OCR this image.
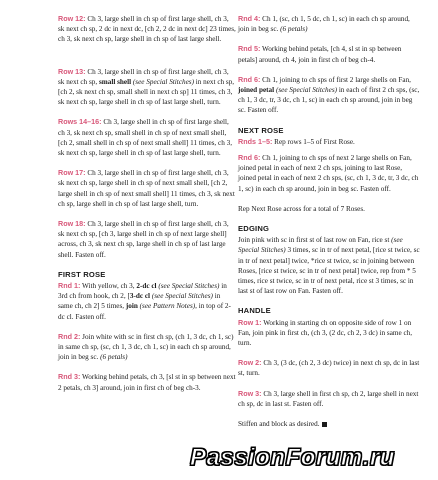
Row 12: Ch 3, large shell in ch sp of first large shell, ch 3, sk next ch sp, 2 dc in next dc, [ch 2, 2 dc in next dc] 23 times, ch 3, sk next ch sp, large shell in ch sp of last large shell.

Row 13: Ch 3, large shell in ch sp of first large shell, ch 3, sk next ch sp, small shell (see Special Stitches) in next ch sp, [ch 2, sk next ch sp, small shell in next ch sp] 11 times, ch 3, sk next ch sp, large shell in ch sp of last large shell, turn.

Rows 14–16: Ch 3, large shell in ch sp of first large shell, ch 3, sk next ch sp, small shell in ch sp of next small shell, [ch 2, small shell in ch sp of next small shell] 11 times, ch 3, sk next ch sp, large shell in ch sp of last large shell, turn.

Row 17: Ch 3, large shell in ch sp of first large shell, ch 3, sk next ch sp, large shell in ch sp of next small shell, [ch 2, large shell in ch sp of next small shell] 11 times, ch 3, sk next ch sp, large shell in ch sp of last large shell, turn.

Row 18: Ch 3, large shell in ch sp of first large shell, ch 3, sk next ch sp, [ch 3, large shell in ch sp of next large shell] across, ch 3, sk next ch sp, large shell in ch sp of last large shell. Fasten off.

FIRST ROSE

Rnd 1: With yellow, ch 3, 2-dc cl (see Special Stitches) in 3rd ch from hook, ch 2, [3-dc cl (see Special Stitches) in same ch, ch 2] 5 times, join (see Pattern Notes), in top of 2-dc cl. Fasten off.

Rnd 2: Join white with sc in first ch sp, (ch 1, 3 dc, ch 1, sc) in same ch sp, (sc, ch 1, 3 dc, ch 1, sc) in each ch sp around, join in beg sc. (6 petals)

Rnd 3: Working behind petals, ch 3, [sl st in sp between next 2 petals, ch 3] around, join in first ch of beg ch-3.

Rnd 4: Ch 1, (sc, ch 1, 5 dc, ch 1, sc) in each ch sp around, join in beg sc. (6 petals)

Rnd 5: Working behind petals, [ch 4, sl st in sp between petals] around, ch 4, join in first ch of beg ch-4.

Rnd 6: Ch 1, joining to ch sps of first 2 large shells on Fan, joined petal (see Special Stitches) in each of first 2 ch sps, (sc, ch 1, 3 dc, tr, 3 dc, ch 1, sc) in each ch sp around, join in beg sc. Fasten off.

NEXT ROSE

Rnds 1–5: Rep rows 1–5 of First Rose.

Rnd 6: Ch 1, joining to ch sps of next 2 large shells on Fan, joined petal in each of next 2 ch sps, joining to last Rose, joined petal in each of next 2 ch sps, (sc, ch 1, 3 dc, tr, 3 dc, ch 1, sc) in each ch sp around, join in beg sc. Fasten off.

Rep Next Rose across for a total of 7 Roses.

EDGING

Join pink with sc in first st of last row on Fan, rice st (see Special Stitches) 3 times, sc in tr of next petal, [rice st twice, sc in tr of next petal] twice, *rice st twice, sc in joining between Roses, [rice st twice, sc in tr of next petal] twice, rep from * 5 times, rice st twice, sc in tr of next petal, rice st 3 times, sc in last st of last row on Fan. Fasten off.

HANDLE

Row 1: Working in starting ch on opposite side of row 1 on Fan, join pink in first ch, (ch 3, (2 dc, ch 2, 3 dc) in same ch, turn.

Row 2: Ch 3, (3 dc, (ch 2, 3 dc) twice) in next ch sp, dc in last st, turn.

Row 3: Ch 3, large shell in first ch sp, ch 2, large shell in next ch sp, dc in last st. Fasten off.

Stiffen and block as desired.

PassionForum.ru
